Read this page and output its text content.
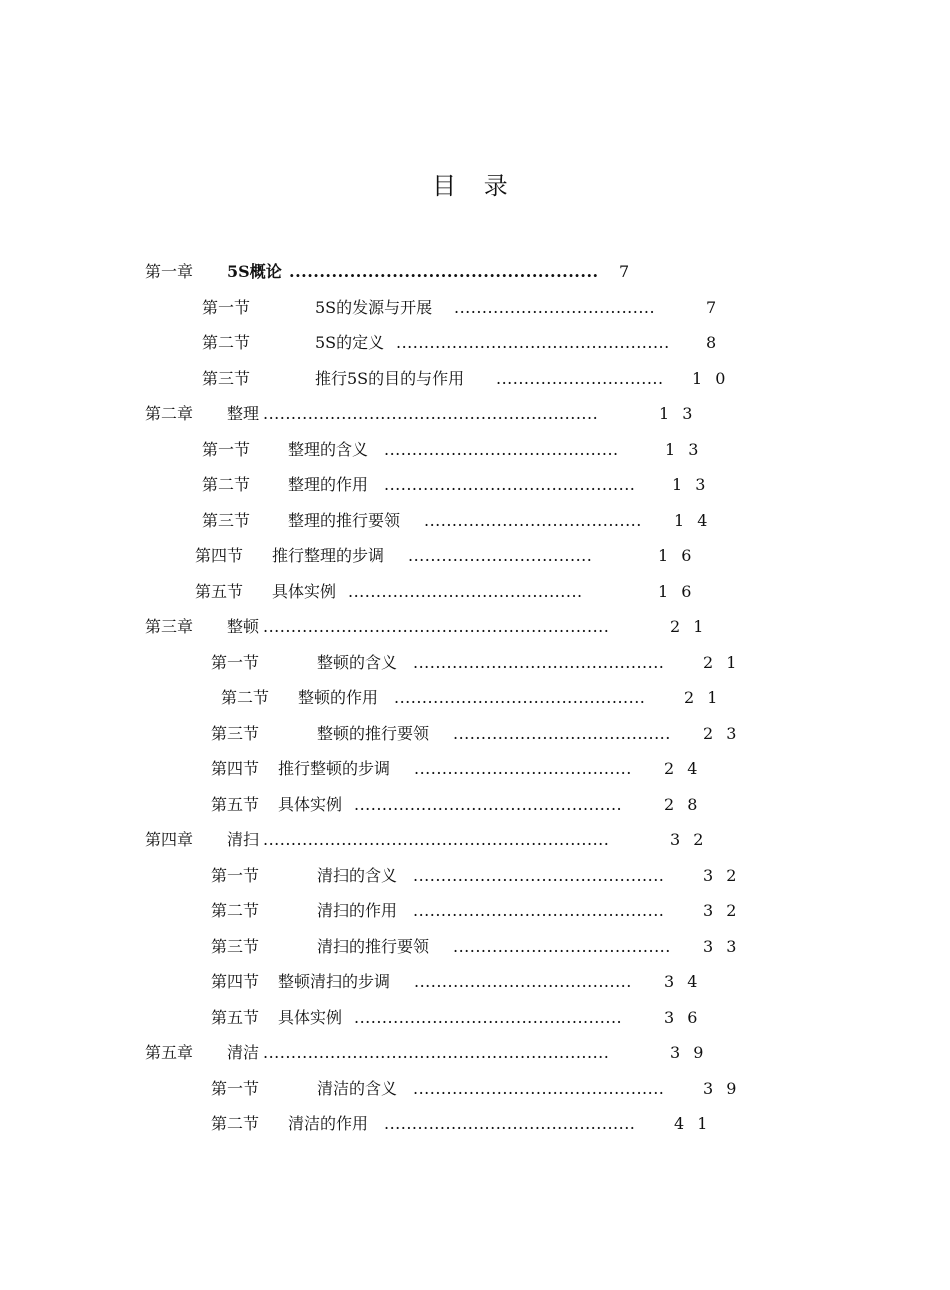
目 录
第一章 5S概论 ................................................... 7
第一节	5S的发源与开展 ....................................	7
第二节	5S的定义 ................................................. 8
第三节	推行5S的目的与作用 .............................. 1 0
第二章 整理 ............................................................	1 3
第一节 整理的含义 ..........................................	1 3
第二节 整理的作用 ............................................. 1 3
第三节 整理的推行要领 ....................................... 1 4
第四节 推行整理的步调 .................................	1 6
第五节 具体实例 ..........................................	1 6
第三章 整顿 ..............................................................	2 1
第一节	整顿的含义 ............................................. 2 1
第二节 整顿的作用 ............................................. 2 1
第三节	整顿的推行要领 ....................................... 2 3
第四节 推行整顿的步调 ....................................... 2 4
第五节 具体实例 ................................................	2 8
第四章 清扫 ..............................................................	3 2
第一节	清扫的含义 ............................................. 3 2
第二节	清扫的作用 ............................................. 3 2
第三节	清扫的推行要领 ....................................... 3 3
第四节 整顿清扫的步调 ....................................... 3 4
第五节 具体实例 ................................................	3 6
第五章 清洁 ..............................................................	3 9
第一节	清洁的含义 ............................................. 3 9
第二节 清洁的作用 ............................................. 4 1
